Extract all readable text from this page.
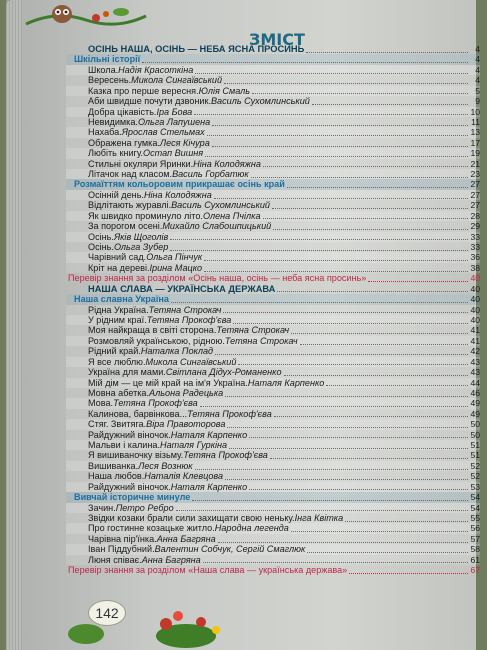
ЗМІСТ
ОСІНЬ НАША, ОСІНЬ — НЕБА ЯСНА ПРОСИНЬ	4
Шкільні історії	4
Школа. Надія Красоткіна	4
Вересень. Микола Сингаївський	4
Казка про перше вересня. Юлія Смаль	5
Аби швидше почути дзвоник. Василь Сухомлинський	9
Добра цікавість. Іра Бова	10
Невидимка. Ольга Лапушена	11
Нахаба. Ярослав Стельмах	13
Ображена гумка. Леся Кічура	17
Любіть книгу. Остап Вишня	19
Стильні окуляри Яринки. Ніна Колодяжна	21
Літачок над класом. Василь Горбатюк	23
Розмаїттям кольоровим прикрашає осінь край	27
Осінній день. Ніна Колодяжна	27
Відлітають журавлі. Василь Сухомлинський	27
Як швидко проминуло літо. Олена Пчілка	28
За порогом осені. Михайло Слабошпицький	29
Осінь. Яків Щоголів	33
Осінь. Ольга Зубер	33
Чарівний сад. Ольга Пінчук	36
Кріт на дереві. Ірина Мацко	38
Перевір знання за розділом «Осінь наша, осінь — неба ясна просинь»	40
НАША СЛАВА — УКРАЇНСЬКА ДЕРЖАВА	40
Наша славна Україна	40
Рідна Україна. Тетяна Строкач	40
У рідним краї. Тетяна Прокоф'єва	40
Моя найкраща в світі сторона. Тетяна Строкач	41
Розмовляй українською, рідною. Тетяна Строкач	41
Рідний край. Наталка Поклад	42
Я все люблю. Микола Сингаївський	43
Україна для мами. Світлана Дідух-Романенко	43
Мій дім — це мій край на ім'я Україна. Наталя Карпенко	44
Мовна абетка. Альона Радецька	46
Мова. Тетяна Прокоф'єва	49
Калинова, барвінкова... Тетяна Прокоф'єва	49
Стяг. Звитяга. Віра Правоторова	50
Райдужний віночок. Наталя Карпенко	50
Мальви і калина. Наталя Гуркіна	51
Я вишиваночку візьму. Тетяна Прокоф'єва	51
Вишиванка. Леся Вознюк	52
Наша любов. Наталія Клевцова	52
Райдужний віночок. Наталя Карпенко	53
Вивчай історичне минуле	54
Зачин. Петро Ребро	54
Звідки козаки брали сили захищати свою неньку. Інга Квітка	55
Про гостинне козацьке житло. Народна легенда	56
Чарівна пір'їнка. Анна Багряна	57
Іван Піддубний. Валентин Собчук, Сергій Смаглюк	58
Люня співає. Анна Багряна	61
Перевір знання за розділом «Наша слава — українська держава»	67
142
